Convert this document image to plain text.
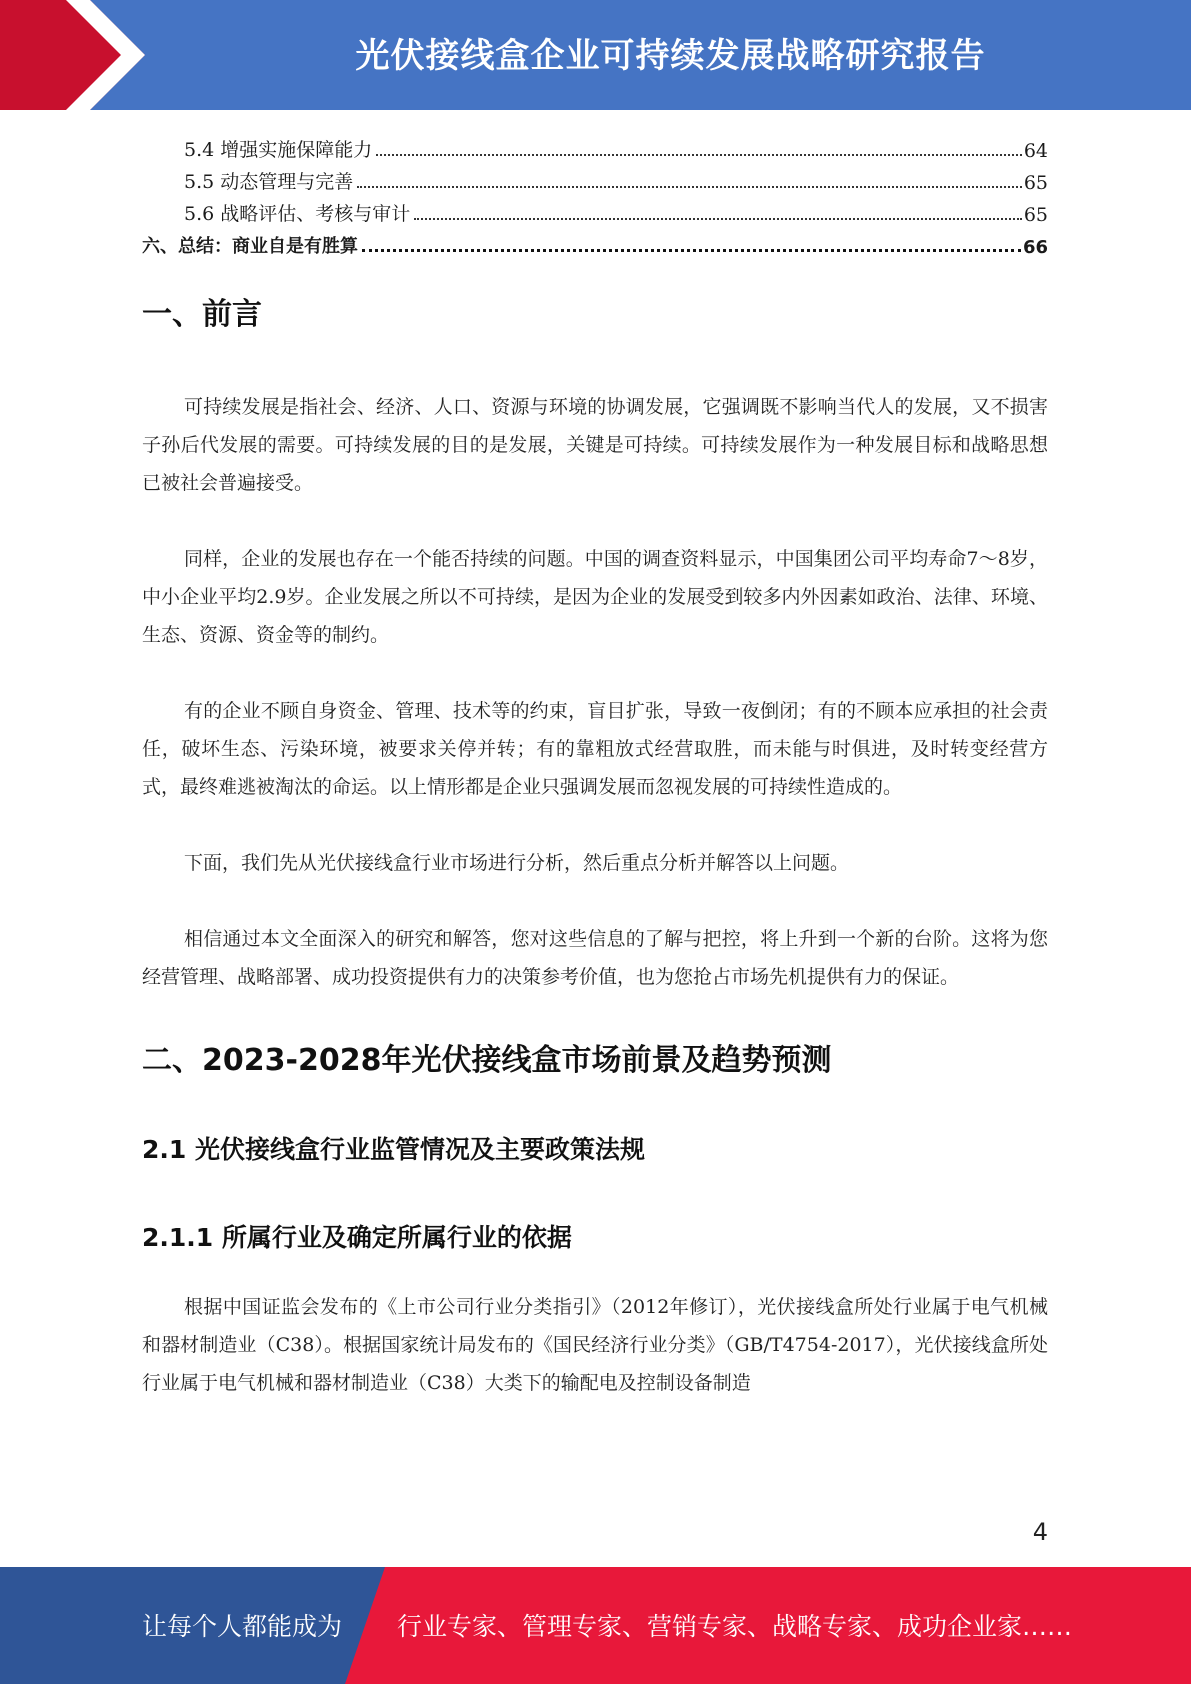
光伏接线盒企业可持续发展战略研究报告
5.4 增强实施保障能力	64
5.5 动态管理与完善	65
5.6 战略评估、考核与审计	65
六、总结：商业自是有胜算	66
一、前言

可持续发展是指社会、经济、人口、资源与环境的协调发展，它强调既不影响当代人的发展，又不损害子孙后代发展的需要。可持续发展的目的是发展，关键是可持续。可持续发展作为一种发展目标和战略思想已被社会普遍接受。

同样，企业的发展也存在一个能否持续的问题。中国的调查资料显示，中国集团公司平均寿命7～8岁，中小企业平均2.9岁。企业发展之所以不可持续，是因为企业的发展受到较多内外因素如政治、法律、环境、生态、资源、资金等的制约。

有的企业不顾自身资金、管理、技术等的约束，盲目扩张，导致一夜倒闭；有的不顾本应承担的社会责任，破坏生态、污染环境，被要求关停并转；有的靠粗放式经营取胜，而未能与时俱进，及时转变经营方式，最终难逃被淘汰的命运。以上情形都是企业只强调发展而忽视发展的可持续性造成的。

下面，我们先从光伏接线盒行业市场进行分析，然后重点分析并解答以上问题。

相信通过本文全面深入的研究和解答，您对这些信息的了解与把控，将上升到一个新的台阶。这将为您经营管理、战略部署、成功投资提供有力的决策参考价值，也为您抢占市场先机提供有力的保证。

二、2023-2028年光伏接线盒市场前景及趋势预测
2.1 光伏接线盒行业监管情况及主要政策法规
2.1.1 所属行业及确定所属行业的依据

根据中国证监会发布的《上市公司行业分类指引》（2012年修订），光伏接线盒所处行业属于电气机械和器材制造业（C38）。根据国家统计局发布的《国民经济行业分类》（GB/T4754-2017），光伏接线盒所处行业属于电气机械和器材制造业（C38）大类下的输配电及控制设备制造

4
让每个人都能成为 行业专家、管理专家、营销专家、战略专家、成功企业家……
